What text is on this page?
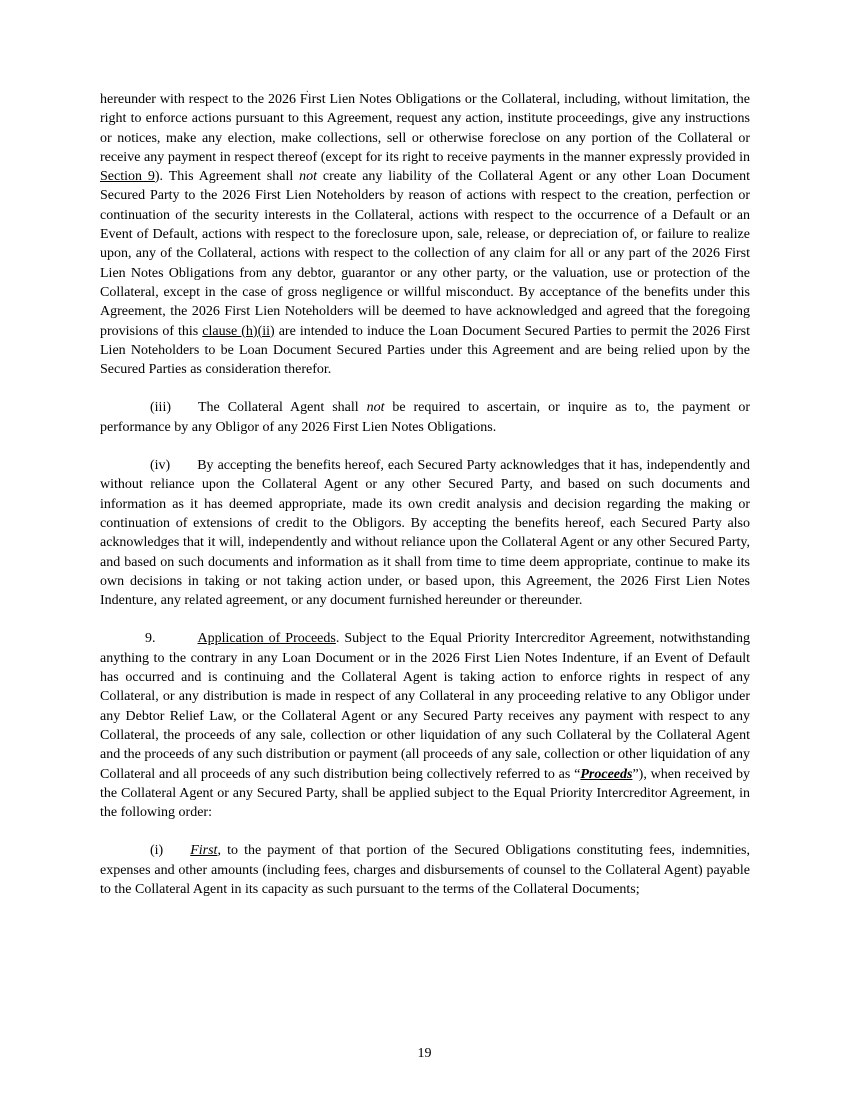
.

hereunder with respect to the 2026 First Lien Notes Obligations or the Collateral, including, without limitation, the right to enforce actions pursuant to this Agreement, request any action, institute proceedings, give any instructions or notices, make any election, make collections, sell or otherwise foreclose on any portion of the Collateral or receive any payment in respect thereof (except for its right to receive payments in the manner expressly provided in Section 9). This Agreement shall not create any liability of the Collateral Agent or any other Loan Document Secured Party to the 2026 First Lien Noteholders by reason of actions with respect to the creation, perfection or continuation of the security interests in the Collateral, actions with respect to the occurrence of a Default or an Event of Default, actions with respect to the foreclosure upon, sale, release, or depreciation of, or failure to realize upon, any of the Collateral, actions with respect to the collection of any claim for all or any part of the 2026 First Lien Notes Obligations from any debtor, guarantor or any other party, or the valuation, use or protection of the Collateral, except in the case of gross negligence or willful misconduct. By acceptance of the benefits under this Agreement, the 2026 First Lien Noteholders will be deemed to have acknowledged and agreed that the foregoing provisions of this clause (h)(ii) are intended to induce the Loan Document Secured Parties to permit the 2026 First Lien Noteholders to be Loan Document Secured Parties under this Agreement and are being relied upon by the Secured Parties as consideration therefor.

(iii) The Collateral Agent shall not be required to ascertain, or inquire as to, the payment or performance by any Obligor of any 2026 First Lien Notes Obligations.

(iv) By accepting the benefits hereof, each Secured Party acknowledges that it has, independently and without reliance upon the Collateral Agent or any other Secured Party, and based on such documents and information as it has deemed appropriate, made its own credit analysis and decision regarding the making or continuation of extensions of credit to the Obligors. By accepting the benefits hereof, each Secured Party also acknowledges that it will, independently and without reliance upon the Collateral Agent or any other Secured Party, and based on such documents and information as it shall from time to time deem appropriate, continue to make its own decisions in taking or not taking action under, or based upon, this Agreement, the 2026 First Lien Notes Indenture, any related agreement, or any document furnished hereunder or thereunder.

9.	Application of Proceeds. Subject to the Equal Priority Intercreditor Agreement, notwithstanding anything to the contrary in any Loan Document or in the 2026 First Lien Notes Indenture, if an Event of Default has occurred and is continuing and the Collateral Agent is taking action to enforce rights in respect of any Collateral, or any distribution is made in respect of any Collateral in any proceeding relative to any Obligor under any Debtor Relief Law, or the Collateral Agent or any Secured Party receives any payment with respect to any Collateral, the proceeds of any sale, collection or other liquidation of any such Collateral by the Collateral Agent and the proceeds of any such distribution or payment (all proceeds of any sale, collection or other liquidation of any Collateral and all proceeds of any such distribution being collectively referred to as “Proceeds”), when received by the Collateral Agent or any Secured Party, shall be applied subject to the Equal Priority Intercreditor Agreement, in the following order:

(i) First, to the payment of that portion of the Secured Obligations constituting fees, indemnities, expenses and other amounts (including fees, charges and disbursements of counsel to the Collateral Agent) payable to the Collateral Agent in its capacity as such pursuant to the terms of the Collateral Documents;

19
